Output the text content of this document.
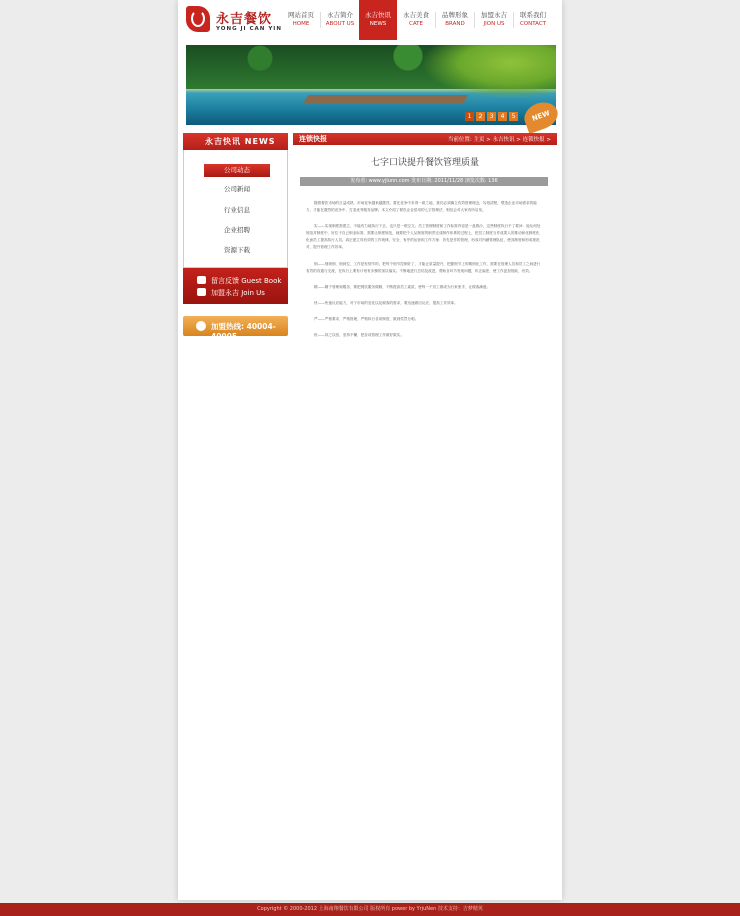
永吉餐饮
YONG JI CAN YIN
网站首页
HOME
永吉简介
ABOUT US
永吉快讯
NEWS
永吉美食
CATE
品牌形象
BRAND
加盟永吉
JION US
联系我们
CONTACT
1	2	3	4	5	NEW
永吉快讯 NEWS
公司动态
公司新闻
行业信息
企业招聘
资源下载
留言反馈 Guest Book
加盟永吉 Join Us
加盟热线: 40004-40005
连锁快报	当前位置: 主页 > 永吉快讯 > 连锁快报 >
七字口诀提升餐饮管理质量
发布者: www.yjlunn.com 发布日期: 2011/11/28 浏览次数: 136

随着餐饮市场的日益成熟，市场竞争越来越激烈，要在竞争中求得一席之地，我们必须确立有效管理理念，勾划清楚，塑造企业市场需求的能力，才能在激烈的竞争中，打造优秀服务品牌。本文介绍了餐饮企业常用的七字管理法，相信会对大家有所启发。

实——实现制度需建立，不能有力地执行下去，也只是一纸空文。员工管理制度和工作标准内容是一盘散沙，这些制度执行不了要问：他从何处规范对制度中，好位于自己职业标准，需要让制度规范，就要把个人从制度的职责完成制作体系的过程上，把员工制度当作成果人的推动和化制度化化而员工提高执行人员。真正建立具有效的工作规律，安全、有序的运营和工作方案：首先是作的管理，形成对内涵管理队伍，使其制度和形成规范对，提升管理工作效率。

细——细到细、细到位，工作是有细节的，把每个细节控制好了，才能让质量提升，把握细节上的精细化工作，需要在管理人员和员工之间进行有效的沟通与交流，在执行上要有计划有步骤的加以落实。不断地进行总结及改进，帮助各环节发现问题，纠正偏差，使工作更加细致、有效。

精——精于管理和服务，要把餐饮服务做精，不断提高员工素质，使每一个员工都成为行家里手，让顾客满意。

快——快速反应能力，对于市场的变化以及顾客的需求，要迅速做出反应，提高工作效率。

严——严格要求，严格管理，严格执行各项制度，做到奖罚分明。

恒——持之以恒，坚持不懈，把各项管理工作做好做实。

Copyright © 2000-2012 上海南翔餐饮有限公司 版权所有 power by YrjuNen 技术支持：吉梦精英
